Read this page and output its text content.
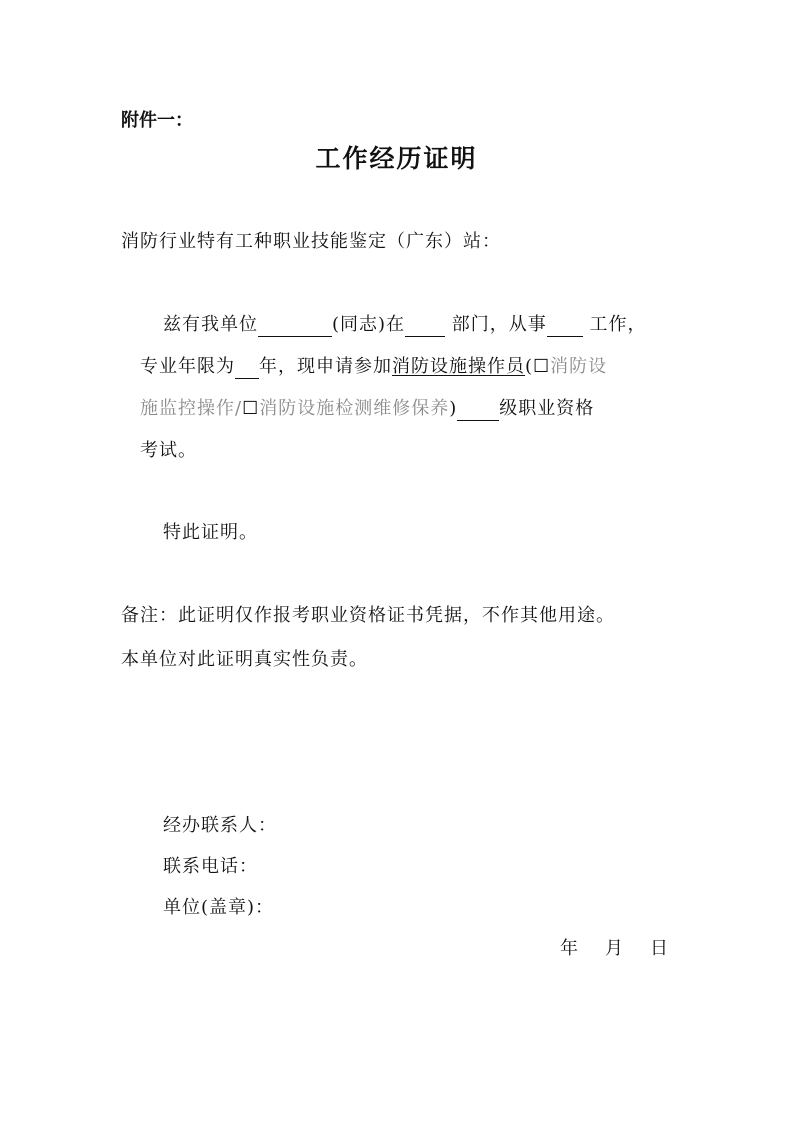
附件一：
工作经历证明
消防行业特有工种职业技能鉴定（广东）站：
兹有我单位	(同志)在	部门，从事 工作，
专业年限为 年，现申请参加消防设施操作员(☐消防设
施监控操作/☐消防设施检测维修保养) 级职业资格
考试。
特此证明。
备注：此证明仅作报考职业资格证书凭据，不作其他用途。
本单位对此证明真实性负责。
经办联系人：
联系电话：
单位(盖章)：
年 月 日
